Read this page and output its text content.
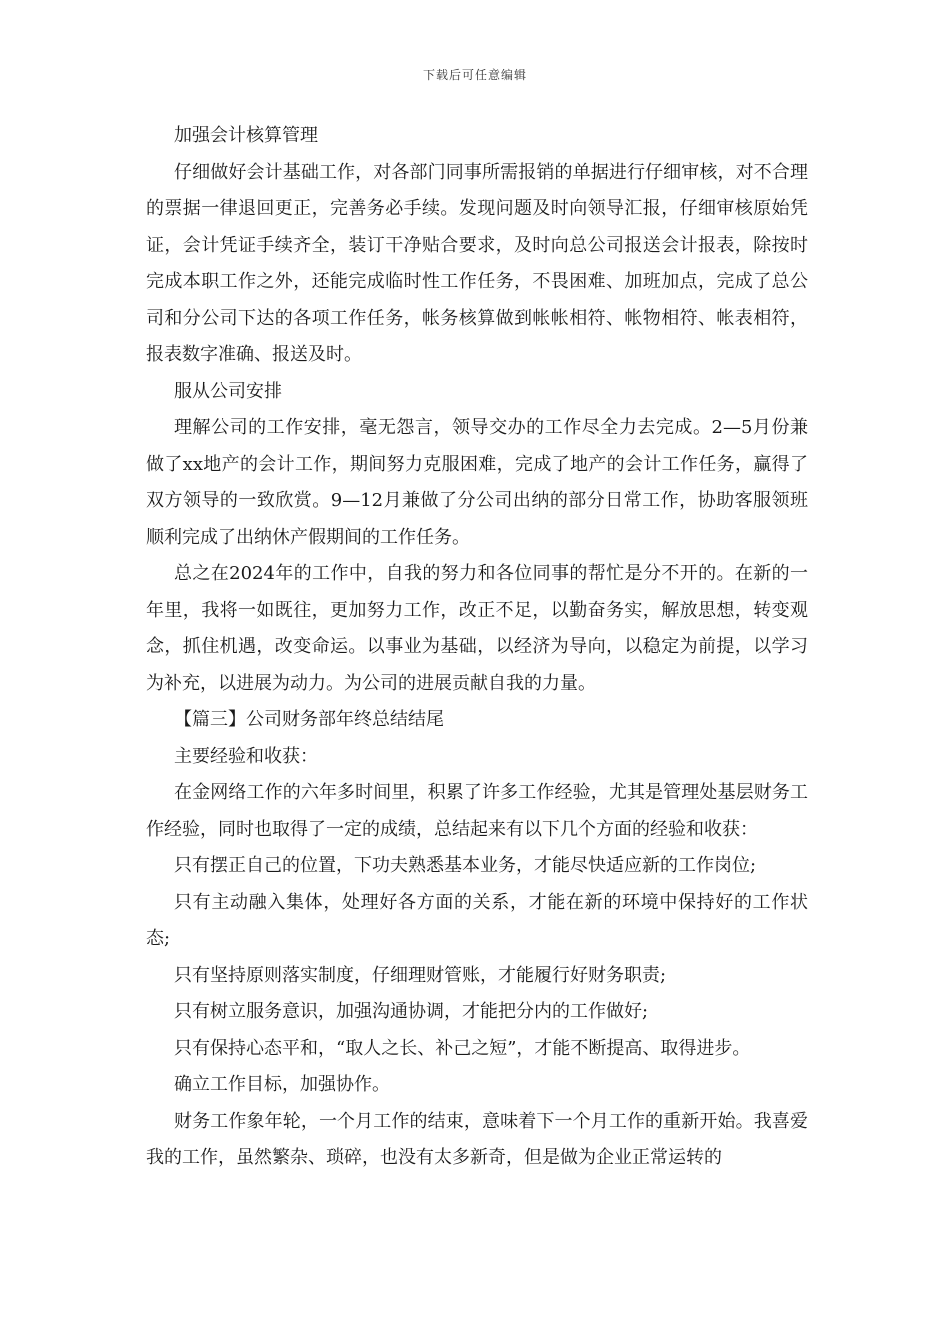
下载后可任意编辑

加强会计核算管理

仔细做好会计基础工作，对各部门同事所需报销的单据进行仔细审核，对不合理的票据一律退回更正，完善务必手续。发现问题及时向领导汇报，仔细审核原始凭证，会计凭证手续齐全，装订干净贴合要求，及时向总公司报送会计报表，除按时完成本职工作之外，还能完成临时性工作任务，不畏困难、加班加点，完成了总公司和分公司下达的各项工作任务，帐务核算做到帐帐相符、帐物相符、帐表相符，报表数字准确、报送及时。

服从公司安排

理解公司的工作安排，毫无怨言，领导交办的工作尽全力去完成。2—5月份兼做了xx地产的会计工作，期间努力克服困难，完成了地产的会计工作任务，赢得了双方领导的一致欣赏。9—12月兼做了分公司出纳的部分日常工作，协助客服领班顺利完成了出纳休产假期间的工作任务。

总之在2024年的工作中，自我的努力和各位同事的帮忙是分不开的。在新的一年里，我将一如既往，更加努力工作，改正不足，以勤奋务实，解放思想，转变观念，抓住机遇，改变命运。以事业为基础，以经济为导向，以稳定为前提，以学习为补充，以进展为动力。为公司的进展贡献自我的力量。

【篇三】公司财务部年终总结结尾

主要经验和收获：

在金网络工作的六年多时间里，积累了许多工作经验，尤其是管理处基层财务工作经验，同时也取得了一定的成绩，总结起来有以下几个方面的经验和收获：

只有摆正自己的位置，下功夫熟悉基本业务，才能尽快适应新的工作岗位;

只有主动融入集体，处理好各方面的关系，才能在新的环境中保持好的工作状态;

只有坚持原则落实制度，仔细理财管账，才能履行好财务职责;

只有树立服务意识，加强沟通协调，才能把分内的工作做好;

只有保持心态平和，“取人之长、补己之短”，才能不断提高、取得进步。

确立工作目标，加强协作。

财务工作象年轮，一个月工作的结束，意味着下一个月工作的重新开始。我喜爱我的工作，虽然繁杂、琐碎，也没有太多新奇，但是做为企业正常运转的
